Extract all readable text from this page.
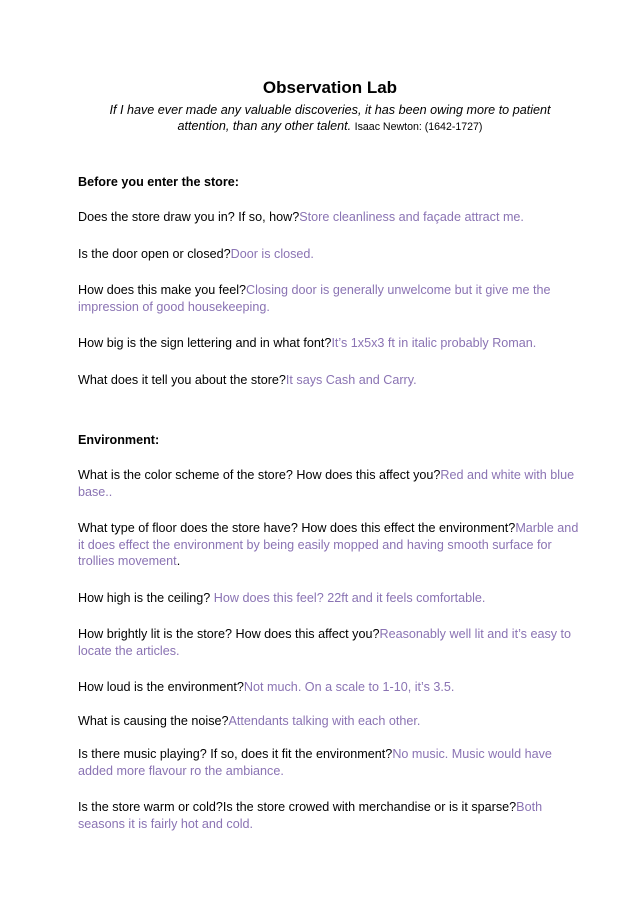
Observation Lab

If I have ever made any valuable discoveries, it has been owing more to patient attention, than any other talent. Isaac Newton: (1642-1727)

Before you enter the store:

Does the store draw you in? If so, how?Store cleanliness and façade attract me.

Is the door open or closed?Door is closed.

How does this make you feel?Closing door is generally unwelcome but it give me the impression of good housekeeping.

How big is the sign lettering and in what font?It’s 1x5x3 ft in italic probably Roman.

What does it tell you about the store?It says Cash and Carry.

Environment:

What is the color scheme of the store? How does this affect you?Red and white with blue base..

What type of floor does the store have? How does this effect the environment?Marble and it does effect the environment by being easily mopped and having smooth surface for trollies movement.

How high is the ceiling? How does this feel? 22ft and it feels comfortable.

How brightly lit is the store? How does this affect you?Reasonably well lit and it’s easy to locate the articles.

How loud is the environment?Not much. On a scale to 1-10, it’s 3.5.

What is causing the noise?Attendants talking with each other.

Is there music playing? If so, does it fit the environment?No music. Music would have added more flavour ro the ambiance.

Is the store warm or cold?Is the store crowed with merchandise or is it sparse?Both seasons it is fairly hot and cold.
